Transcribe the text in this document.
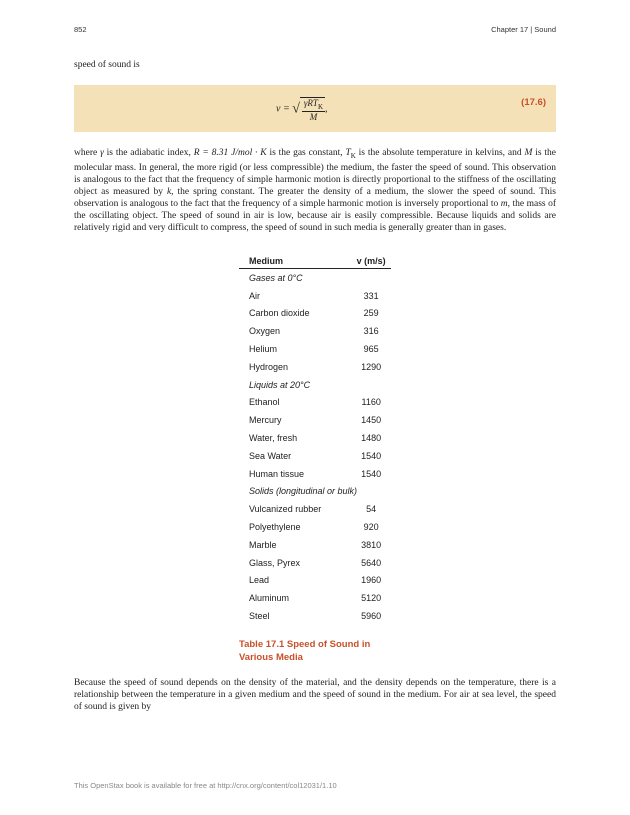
852	Chapter 17 | Sound
speed of sound is
v = √ $\frac{\gamma RT_K}{M}$ ,
(17.6)
where γ is the adiabatic index, R = 8.31 J/mol · K is the gas constant, $T_K$ is the absolute temperature in kelvins, and M is the molecular mass. In general, the more rigid (or less compressible) the medium, the faster the speed of sound. This observation is analogous to the fact that the frequency of simple harmonic motion is directly proportional to the stiffness of the oscillating object as measured by k, the spring constant. The greater the density of a medium, the slower the speed of sound. This observation is analogous to the fact that the frequency of a simple harmonic motion is inversely proportional to m, the mass of the oscillating object. The speed of sound in air is low, because air is easily compressible. Because liquids and solids are relatively rigid and very difficult to compress, the speed of sound in such media is generally greater than in gases.
Medium	v (m/s)
Gases at 0°C	
Air	331
Carbon dioxide	259
Oxygen	316
Helium	965
Hydrogen	1290
Liquids at 20°C	
Ethanol	1160
Mercury	1450
Water, fresh	1480
Sea Water	1540
Human tissue	1540
Solids (longitudinal or bulk)	
Vulcanized rubber	54
Polyethylene	920
Marble	3810
Glass, Pyrex	5640
Lead	1960
Aluminum	5120
Steel	5960
Table 17.1 Speed of Sound in Various Media
Because the speed of sound depends on the density of the material, and the density depends on the temperature, there is a relationship between the temperature in a given medium and the speed of sound in the medium. For air at sea level, the speed of sound is given by
This OpenStax book is available for free at http://cnx.org/content/col12031/1.10
